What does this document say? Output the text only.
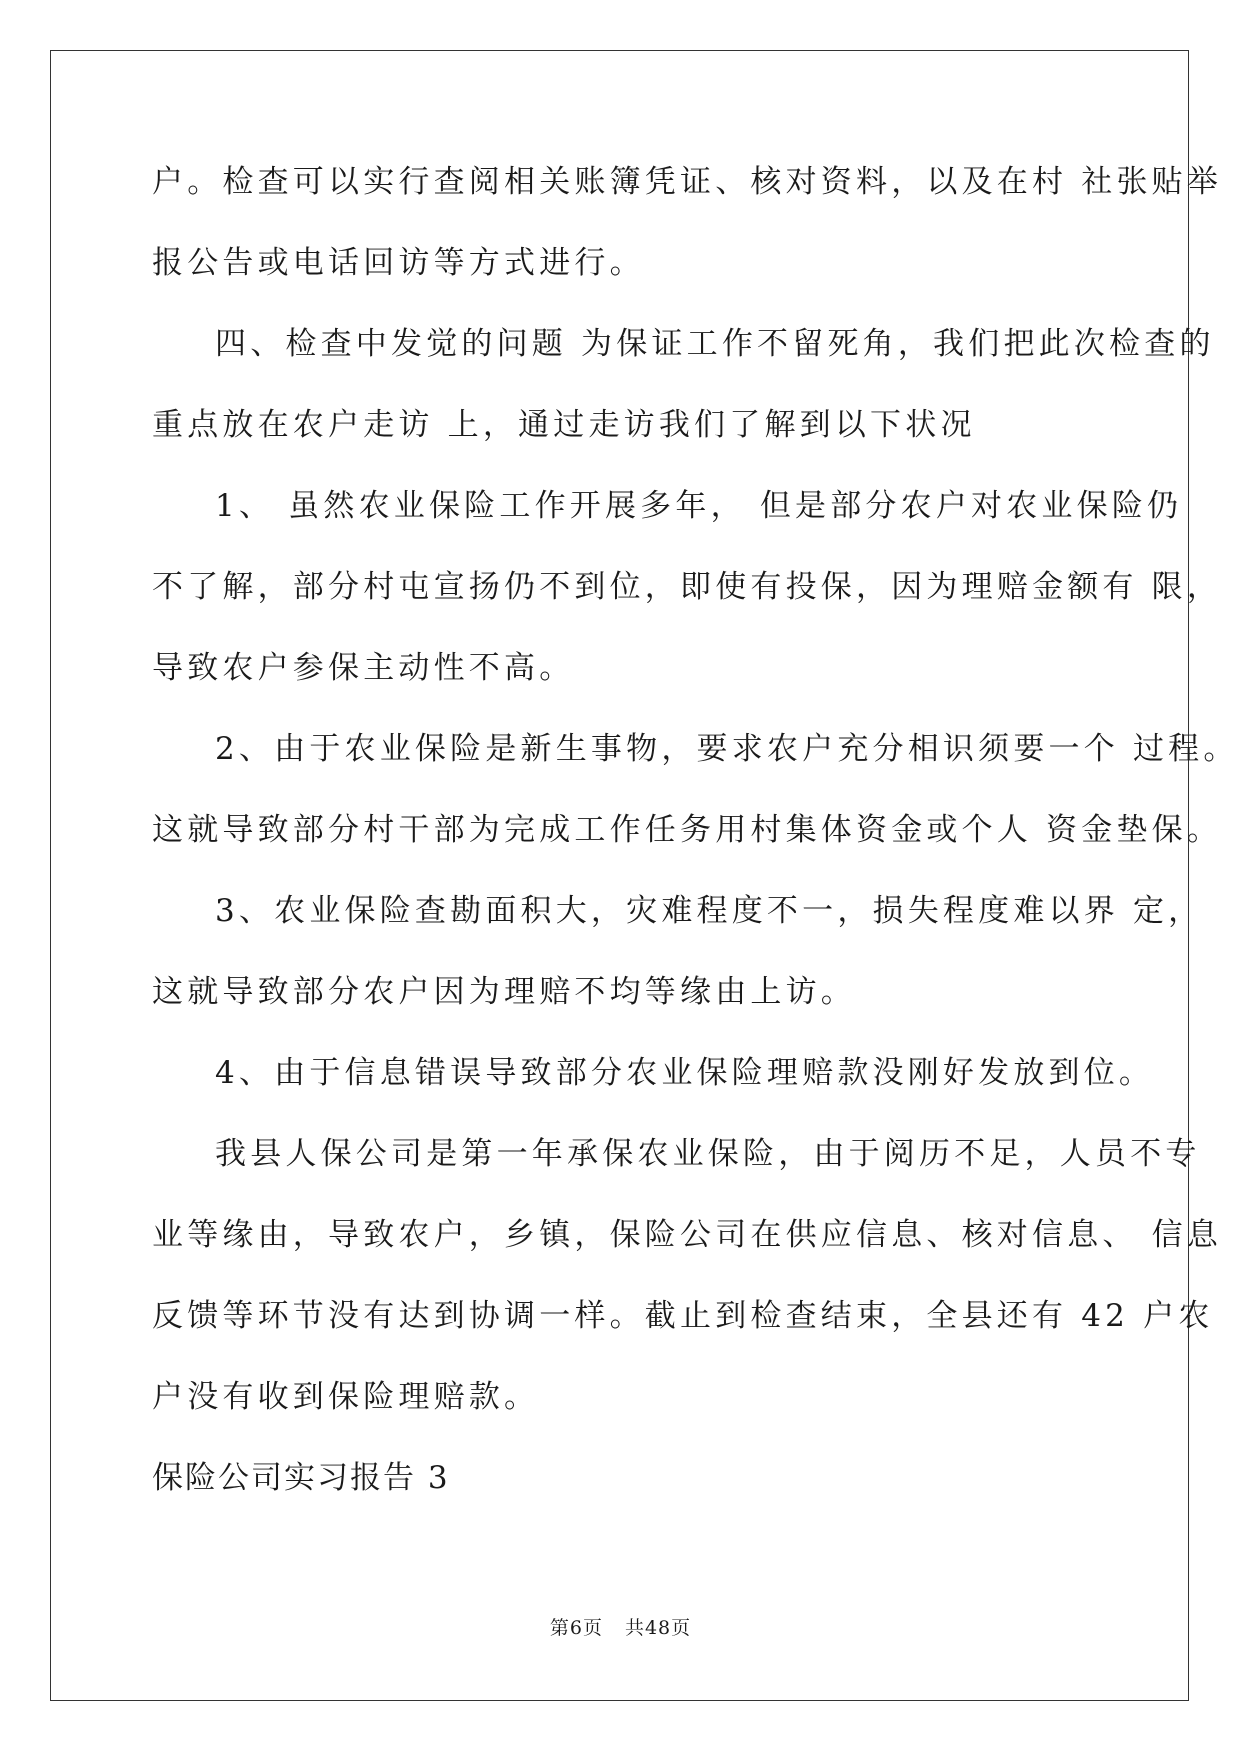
户。检查可以实行查阅相关账簿凭证、核对资料，以及在村 社张贴举
报公告或电话回访等方式进行。
四、检查中发觉的问题 为保证工作不留死角，我们把此次检查的
重点放在农户走访 上，通过走访我们了解到以下状况
1、 虽然农业保险工作开展多年， 但是部分农户对农业保险仍
不了解，部分村屯宣扬仍不到位，即使有投保，因为理赔金额有 限，
导致农户参保主动性不高。
2、由于农业保险是新生事物，要求农户充分相识须要一个 过程。
这就导致部分村干部为完成工作任务用村集体资金或个人 资金垫保。
3、农业保险查勘面积大，灾难程度不一，损失程度难以界 定，
这就导致部分农户因为理赔不均等缘由上访。
4、由于信息错误导致部分农业保险理赔款没刚好发放到位。
我县人保公司是第一年承保农业保险，由于阅历不足，人员不专
业等缘由，导致农户，乡镇，保险公司在供应信息、核对信息、 信息
反馈等环节没有达到协调一样。截止到检查结束，全县还有 42 户农
户没有收到保险理赔款。
保险公司实习报告 3
第6页 共48页
